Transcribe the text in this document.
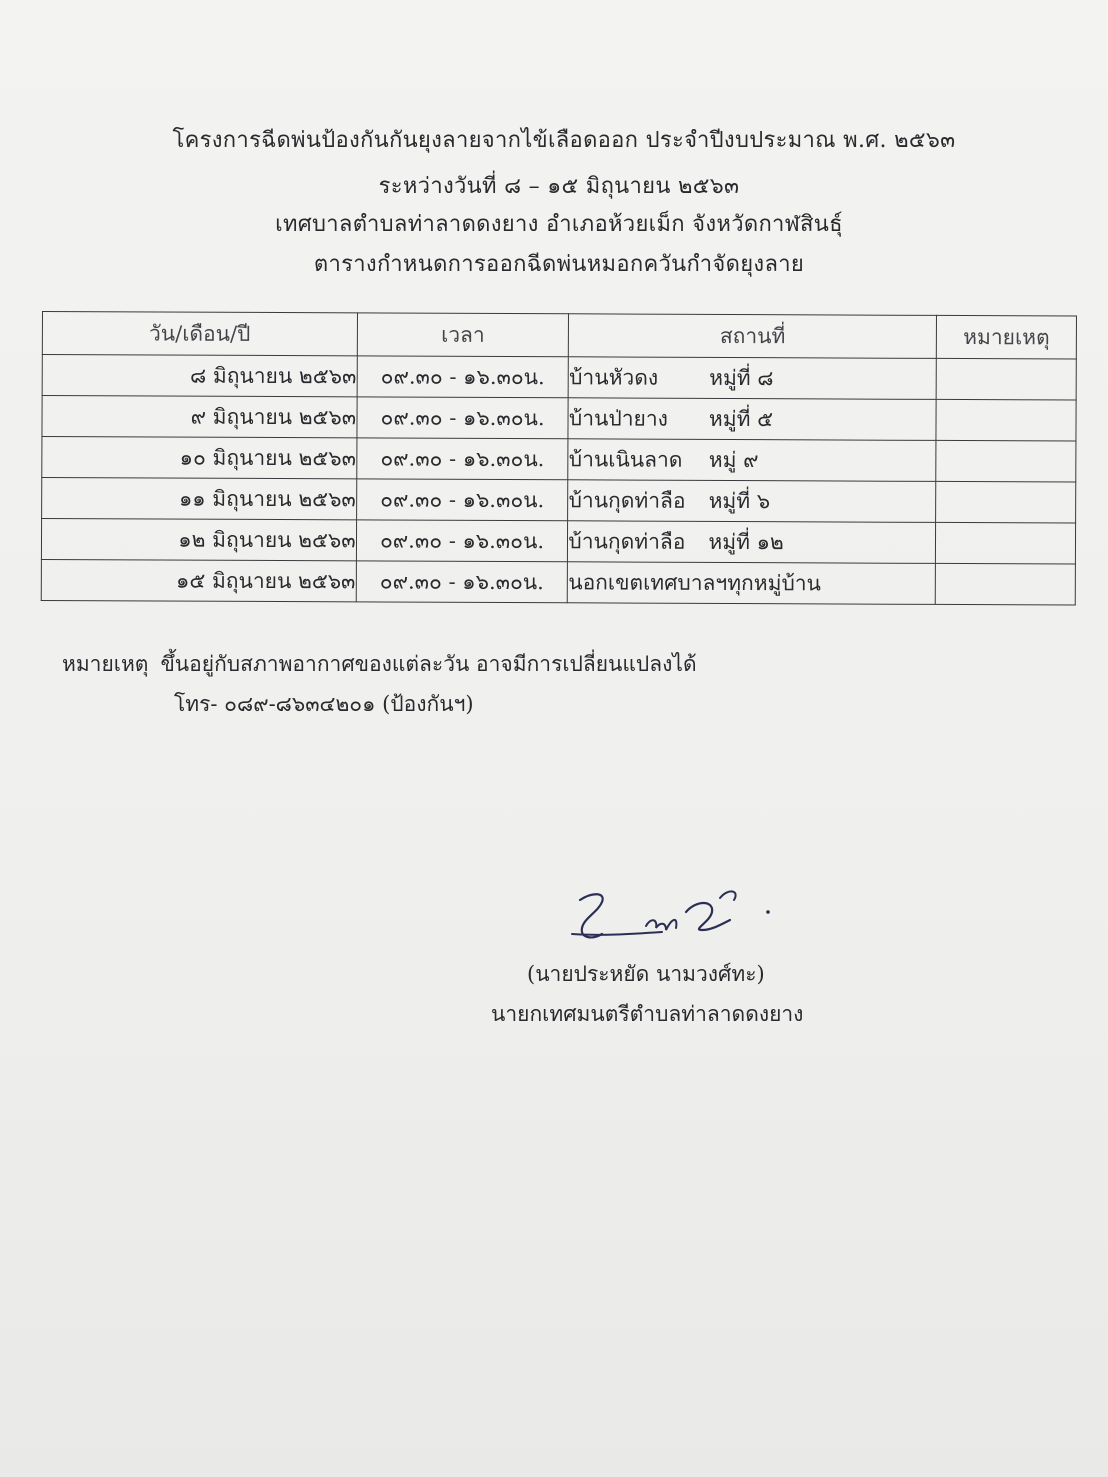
โครงการฉีดพ่นป้องกันกันยุงลายจากไข้เลือดออก ประจำปีงบประมาณ พ.ศ. ๒๕๖๓
ระหว่างวันที่ ๘ – ๑๕ มิถุนายน ๒๕๖๓
เทศบาลตำบลท่าลาดดงยาง อำเภอห้วยเม็ก จังหวัดกาฬสินธุ์
ตารางกำหนดการออกฉีดพ่นหมอกควันกำจัดยุงลาย
วัน/เดือน/ปี	เวลา	สถานที่	หมายเหตุ
๘ มิถุนายน ๒๕๖๓	๐๙.๓๐ - ๑๖.๓๐น.	บ้านหัวดง หมู่ที่ ๘	
๙ มิถุนายน ๒๕๖๓	๐๙.๓๐ - ๑๖.๓๐น.	บ้านป่ายาง หมู่ที่ ๕	
๑๐ มิถุนายน ๒๕๖๓	๐๙.๓๐ - ๑๖.๓๐น.	บ้านเนินลาด หมู่ ๙	
๑๑ มิถุนายน ๒๕๖๓	๐๙.๓๐ - ๑๖.๓๐น.	บ้านกุดท่าลือ หมู่ที่ ๖	
๑๒ มิถุนายน ๒๕๖๓	๐๙.๓๐ - ๑๖.๓๐น.	บ้านกุดท่าลือ หมู่ที่ ๑๒	
๑๕ มิถุนายน ๒๕๖๓	๐๙.๓๐ - ๑๖.๓๐น.	นอกเขตเทศบาลฯทุกหมู่บ้าน	
หมายเหตุ ขึ้นอยู่กับสภาพอากาศของแต่ละวัน อาจมีการเปลี่ยนแปลงได้
โทร- ๐๘๙-๘๖๓๔๒๐๑ (ป้องกันฯ)
(นายประหยัด นามวงศ์ทะ)
นายกเทศมนตรีตำบลท่าลาดดงยาง
